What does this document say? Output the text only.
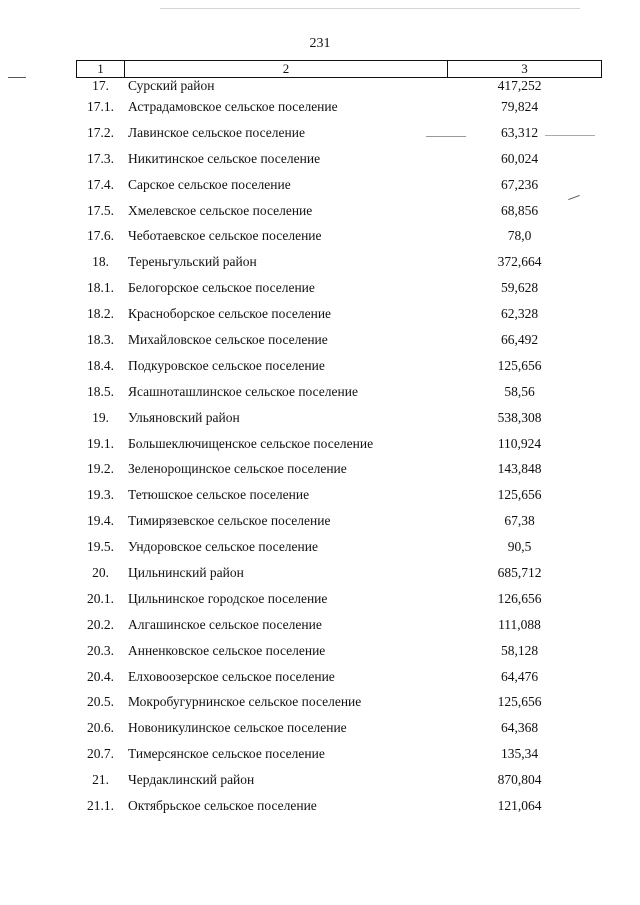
231
1	2	3
17.	Сурский район	417,252
17.1.	Астрадамовское сельское поселение	79,824
17.2.	Лавинское сельское поселение	63,312
17.3.	Никитинское сельское поселение	60,024
17.4.	Сарское сельское поселение	67,236
17.5.	Хмелевское сельское поселение	68,856
17.6.	Чеботаевское сельское поселение	78,0
18.	Тереньгульский район	372,664
18.1.	Белогорское сельское поселение	59,628
18.2.	Красноборское сельское поселение	62,328
18.3.	Михайловское сельское поселение	66,492
18.4.	Подкуровское сельское поселение	125,656
18.5.	Ясашноташлинское сельское поселение	58,56
19.	Ульяновский район	538,308
19.1.	Большеключищенское сельское поселение	110,924
19.2.	Зеленорощинское сельское поселение	143,848
19.3.	Тетюшское сельское поселение	125,656
19.4.	Тимирязевское сельское поселение	67,38
19.5.	Ундоровское сельское поселение	90,5
20.	Цильнинский район	685,712
20.1.	Цильнинское городское поселение	126,656
20.2.	Алгашинское сельское поселение	111,088
20.3.	Анненковское сельское поселение	58,128
20.4.	Елховоозерское сельское поселение	64,476
20.5.	Мокробугурнинское сельское поселение	125,656
20.6.	Новоникулинское сельское поселение	64,368
20.7.	Тимерсянское сельское поселение	135,34
21.	Чердаклинский район	870,804
21.1.	Октябрьское сельское поселение	121,064
